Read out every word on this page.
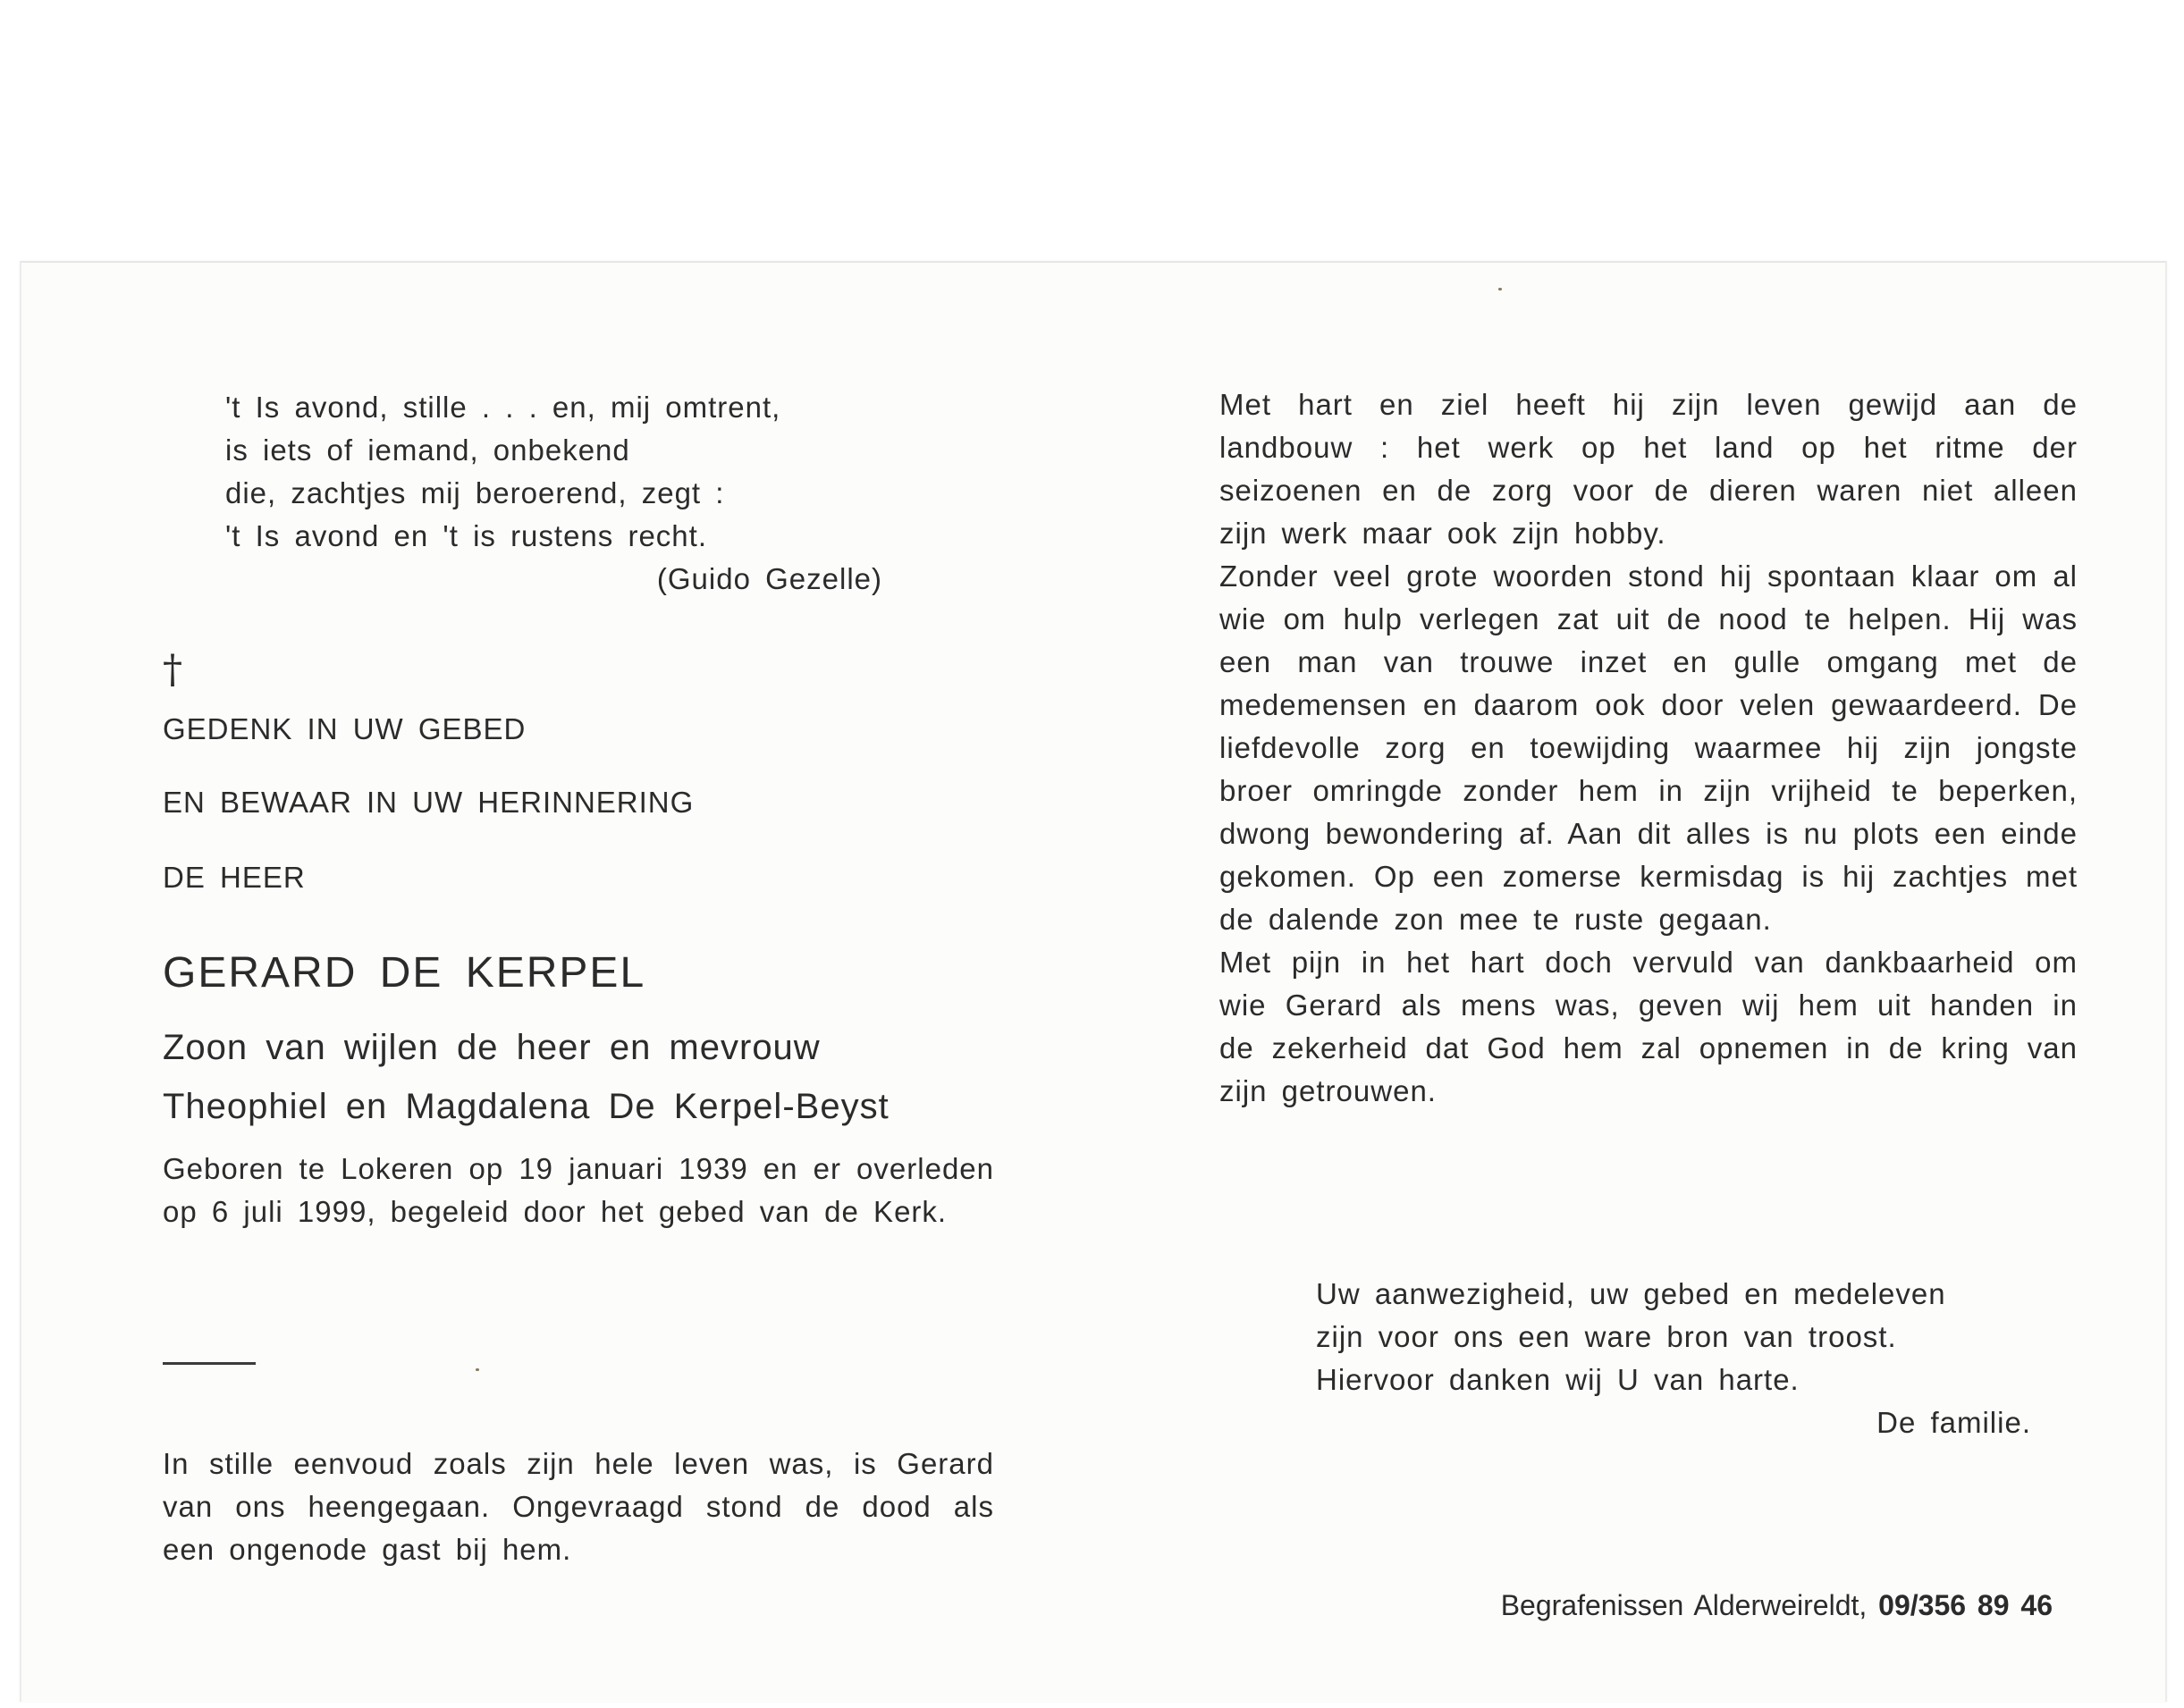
't Is avond, stille . . . en, mij omtrent,
is iets of iemand, onbekend
die, zachtjes mij beroerend, zegt :
't Is avond en 't is rustens recht.
(Guido Gezelle)
†
GEDENK IN UW GEBED
EN BEWAAR IN UW HERINNERING
DE HEER
GERARD DE KERPEL
Zoon van wijlen de heer en mevrouw
Theophiel en Magdalena De Kerpel-Beyst
Geboren te Lokeren op 19 januari 1939 en er overleden op 6 juli 1999, begeleid door het gebed van de Kerk.
In stille eenvoud zoals zijn hele leven was, is Gerard van ons heengegaan. Ongevraagd stond de dood als een ongenode gast bij hem.

Met hart en ziel heeft hij zijn leven gewijd aan de landbouw : het werk op het land op het ritme der seizoenen en de zorg voor de dieren waren niet alleen zijn werk maar ook zijn hobby.

Zonder veel grote woorden stond hij spontaan klaar om al wie om hulp verlegen zat uit de nood te helpen. Hij was een man van trouwe inzet en gulle omgang met de medemensen en daarom ook door velen gewaardeerd. De liefdevolle zorg en toewijding waarmee hij zijn jongste broer omringde zonder hem in zijn vrijheid te beperken, dwong bewondering af. Aan dit alles is nu plots een einde gekomen. Op een zomerse kermisdag is hij zachtjes met de dalende zon mee te ruste gegaan.

Met pijn in het hart doch vervuld van dankbaarheid om wie Gerard als mens was, geven wij hem uit handen in de zekerheid dat God hem zal opnemen in de kring van zijn getrouwen.

Uw aanwezigheid, uw gebed en medeleven
zijn voor ons een ware bron van troost.
Hiervoor danken wij U van harte.
De familie.
Begrafenissen Alderweireldt, 09/356 89 46
